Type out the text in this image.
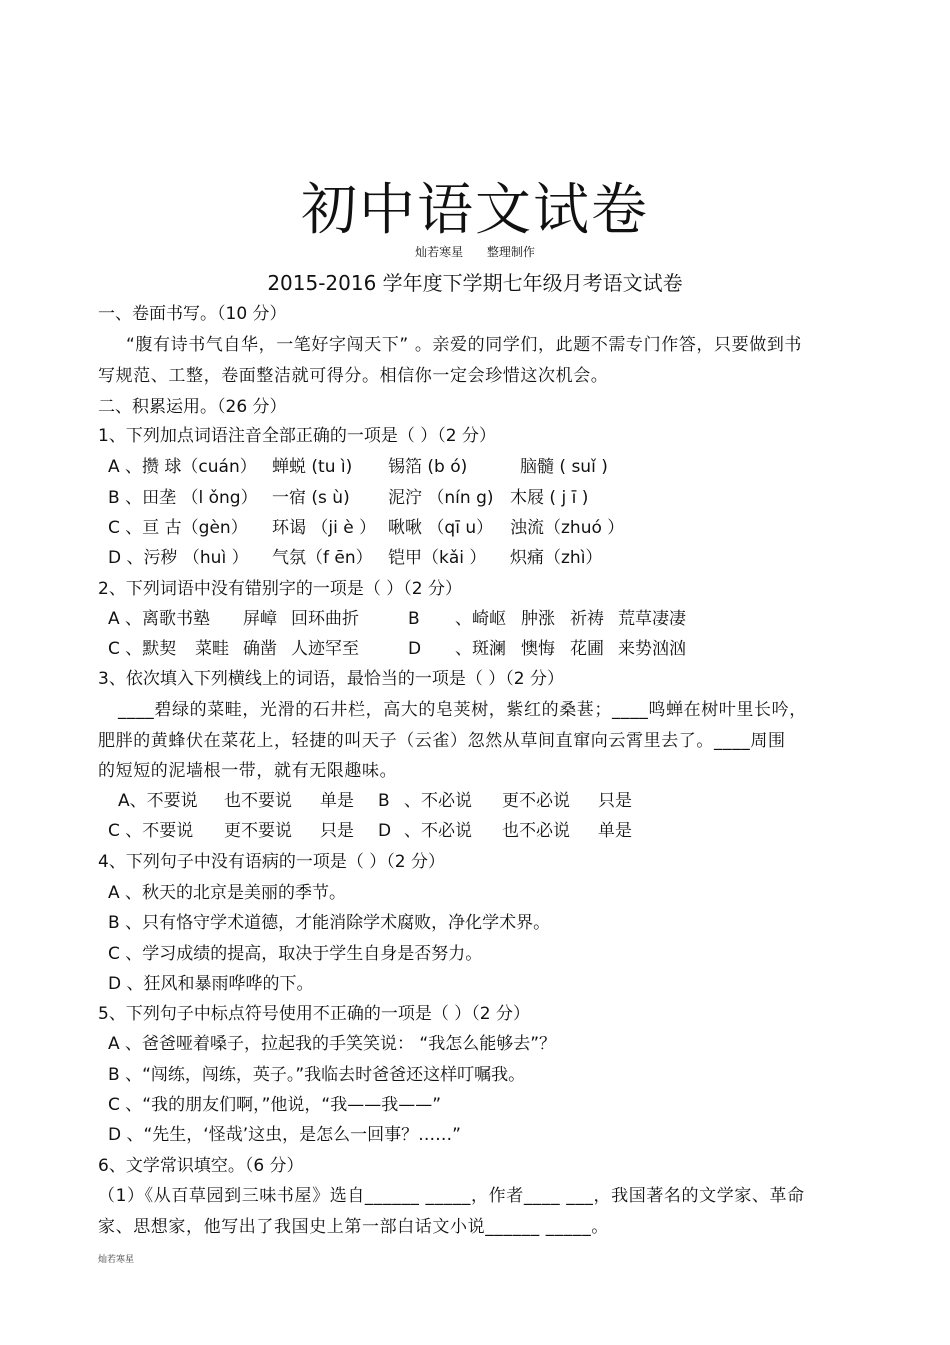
初中语文试卷
灿若寒星 整理制作
2015-2016 学年度下学期七年级月考语文试卷
一、卷面书写。（10 分）
“腹有诗书气自华，一笔好字闯天下” 。亲爱的同学们，此题不需专门作答，只要做到书
写规范、工整，卷面整洁就可得分。相信你一定会珍惜这次机会。
二、积累运用。（26 分）
1、下列加点词语注音全部正确的一项是（ ）（2 分）
A 、攒 球（cuán） 蝉蜕 (tu ì) 锡箔 (b ó)	脑髓 ( suǐ )
B 、田垄 （l ǒng） 一宿 (s ù) 泥泞 （nín g) 木屐 ( j ī )
C 、亘 古（gèn） 环谒 （ji è ） 啾啾 （qī u） 浊流（zhuó ）
D 、污秽 （huì ） 气氛（f ēn） 铠甲（kǎi ） 炽痛（zhì）
2、下列词语中没有错别字的一项是（ ）（2 分）
A 、离歌书塾 屏嶂 回环曲折	B 、崎岖 肿涨 祈祷 荒草凄凄
C 、默契 菜畦 确凿 人迹罕至	D 、斑澜 懊悔 花圃 来势汹汹
3、依次填入下列横线上的词语，最恰当的一项是（ ）（2 分）
____碧绿的菜畦，光滑的石井栏，高大的皂荚树，紫红的桑葚；____鸣蝉在树叶里长吟，
肥胖的黄蜂伏在菜花上，轻捷的叫天子（云雀）忽然从草间直窜向云霄里去了。____周围
的短短的泥墙根一带，就有无限趣味。
A、不要说 也不要说 单是 B 、不必说 更不必说 只是
C 、不要说 更不要说 只是 D 、不必说 也不必说 单是
4、下列句子中没有语病的一项是（ ）（2 分）
A 、秋天的北京是美丽的季节。
B 、只有恪守学术道德，才能消除学术腐败，净化学术界。
C 、学习成绩的提高，取决于学生自身是否努力。
D 、狂风和暴雨哗哗的下。
5、下列句子中标点符号使用不正确的一项是（ ）（2 分）
A 、爸爸哑着嗓子，拉起我的手笑笑说： “我怎么能够去”？
B 、“闯练，闯练，英子。”我临去时爸爸还这样叮嘱我。
C 、“我的朋友们啊，”他说，“我——我——”
D 、“先生，‘怪哉’这虫，是怎么一回事？……”
6、文学常识填空。（6 分）
（1）《从百草园到三味书屋》选自______ _____，作者____ ___，我国著名的文学家、革命
家、思想家，他写出了我国史上第一部白话文小说______ _____。
灿若寒星
